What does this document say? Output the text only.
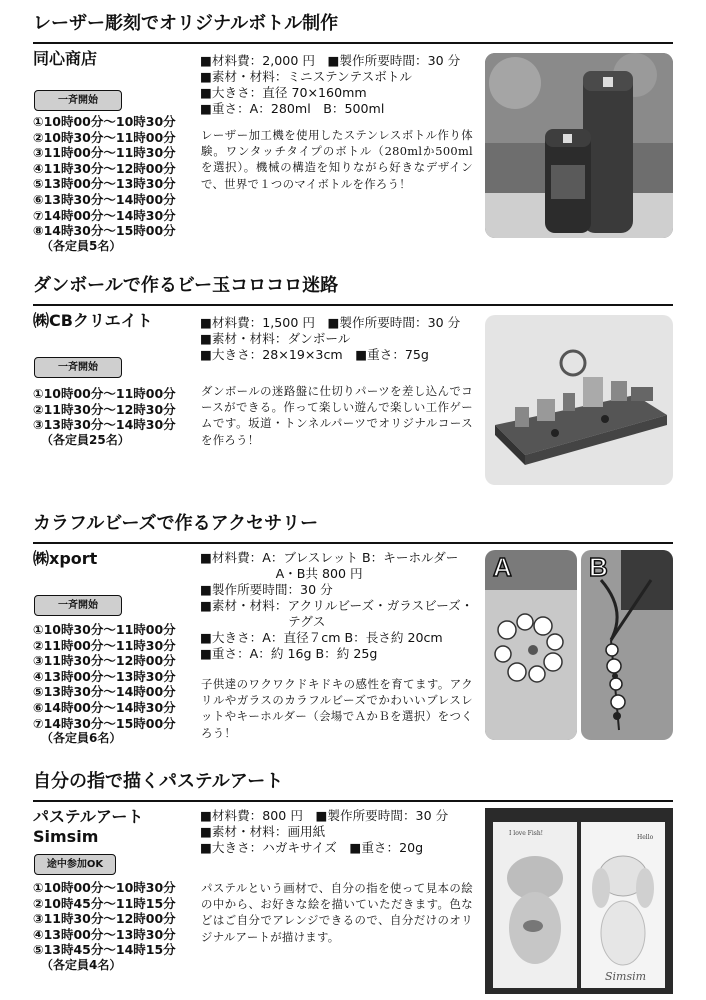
レーザー彫刻でオリジナルボトル制作
同心商店
一斉開始
①10時00分～10時30分
②10時30分～11時00分
③11時00分～11時30分
④11時30分～12時00分
⑤13時00分～13時30分
⑥13時30分～14時00分
⑦14時00分～14時30分
⑧14時30分～15時00分
（各定員5名）
■材料費：2,000 円　■製作所要時間：30 分
■素材・材料：ミニステンテスボトル
■大きさ：直径 70×160mm
■重さ：A：280ml　B：500ml
レーザー加工機を使用したステンレスボトル作り体験。ワンタッチタイプのボトル（280mlか500mlを選択）。機械の構造を知りながら好きなデザインで、世界で１つのマイボトルを作ろう！
ダンボールで作るビー玉コロコロ迷路
㈱CBクリエイト
一斉開始
①10時00分～11時00分
②11時30分～12時30分
③13時30分～14時30分
（各定員25名）
■材料費：1,500 円　■製作所要時間：30 分
■素材・材料：ダンボール
■大きさ：28×19×3cm　■重さ：75g
ダンボールの迷路盤に仕切りパーツを差し込んでコースができる。作って楽しい遊んで楽しい工作ゲームです。坂道・トンネルパーツでオリジナルコースを作ろう！
カラフルビーズで作るアクセサリー
㈱xport
一斉開始
①10時30分～11時00分
②11時00分～11時30分
③11時30分～12時00分
④13時00分～13時30分
⑤13時30分～14時00分
⑥14時00分～14時30分
⑦14時30分～15時00分
（各定員6名）
■材料費：A：ブレスレット B：キーホルダー
　　　　　　A・B共 800 円
■製作所要時間：30 分
■素材・材料：アクリルビーズ・ガラスビーズ・
　　　　　　　テグス
■大きさ：A：直径７cm B：長さ約 20cm
■重さ：A：約 16g B：約 25g
子供達のワクワクドキドキの感性を育てます。アクリルやガラスのカラフルビーズでかわいいブレスレットやキーホルダー（会場でＡかＢを選択）をつくろう！
A	B
自分の指で描くパステルアート
パステルアート
Simsim
途中参加OK
①10時00分～10時30分
②10時45分～11時15分
③11時30分～12時00分
④13時00分～13時30分
⑤13時45分～14時15分
（各定員4名）
■材料費：800 円　■製作所要時間：30 分
■素材・材料：画用紙
■大きさ：ハガキサイズ　■重さ：20g
パステルという画材で、自分の指を使って見本の絵の中から、お好きな絵を描いていただきます。色などはご自分でアレンジできるので、自分だけのオリジナルアートが描けます。
I love Fish!
Hello
Simsim
